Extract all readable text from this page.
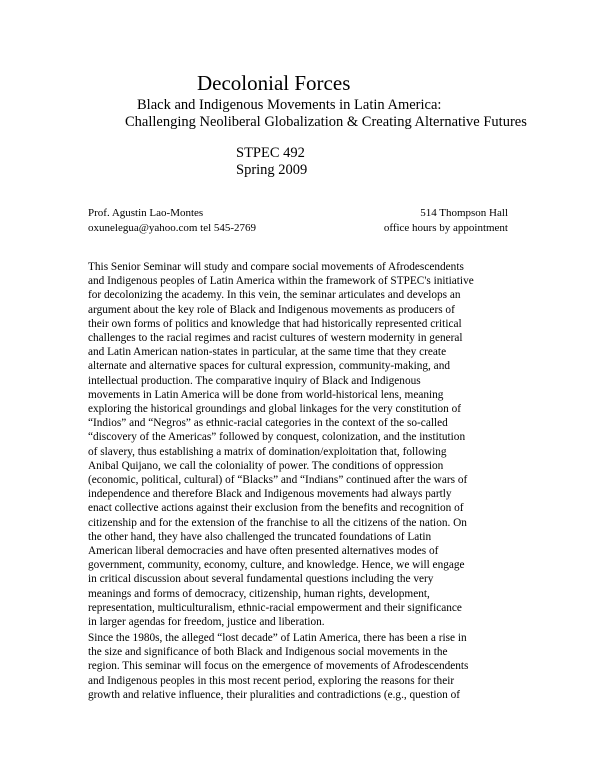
Decolonial Forces
Black and Indigenous Movements in Latin America:
Challenging Neoliberal Globalization & Creating Alternative Futures
STPEC 492
Spring 2009
Prof. Agustin Lao-Montes
oxunelegua@yahoo.com tel 545-2769
514 Thompson Hall
office hours by appointment
This Senior Seminar will study and compare social movements of Afrodescendents
and Indigenous peoples of Latin America within the framework of STPEC's initiative
for decolonizing the academy. In this vein, the seminar articulates and develops an
argument about the key role of Black and Indigenous movements as producers of
their own forms of politics and knowledge that had historically represented critical
challenges to the racial regimes and racist cultures of western modernity in general
and Latin American nation-states in particular, at the same time that they create
alternate and alternative spaces for cultural expression, community-making, and
intellectual production. The comparative inquiry of Black and Indigenous
movements in Latin America will be done from world-historical lens, meaning
exploring the historical groundings and global linkages for the very constitution of
“Indios” and “Negros” as ethnic-racial categories in the context of the so-called
“discovery of the Americas” followed by conquest, colonization, and the institution
of slavery, thus establishing a matrix of domination/exploitation that, following
Anibal Quijano, we call the coloniality of power. The conditions of oppression
(economic, political, cultural) of “Blacks” and “Indians” continued after the wars of
independence and therefore Black and Indigenous movements had always partly
enact collective actions against their exclusion from the benefits and recognition of
citizenship and for the extension of the franchise to all the citizens of the nation. On
the other hand, they have also challenged the truncated foundations of Latin
American liberal democracies and have often presented alternatives modes of
government, community, economy, culture, and knowledge. Hence, we will engage
in critical discussion about several fundamental questions including the very
meanings and forms of democracy, citizenship, human rights, development,
representation, multiculturalism, ethnic-racial empowerment and their significance
in larger agendas for freedom, justice and liberation.
Since the 1980s, the alleged “lost decade” of Latin America, there has been a rise in
the size and significance of both Black and Indigenous social movements in the
region. This seminar will focus on the emergence of movements of Afrodescendents
and Indigenous peoples in this most recent period, exploring the reasons for their
growth and relative influence, their pluralities and contradictions (e.g., question of
